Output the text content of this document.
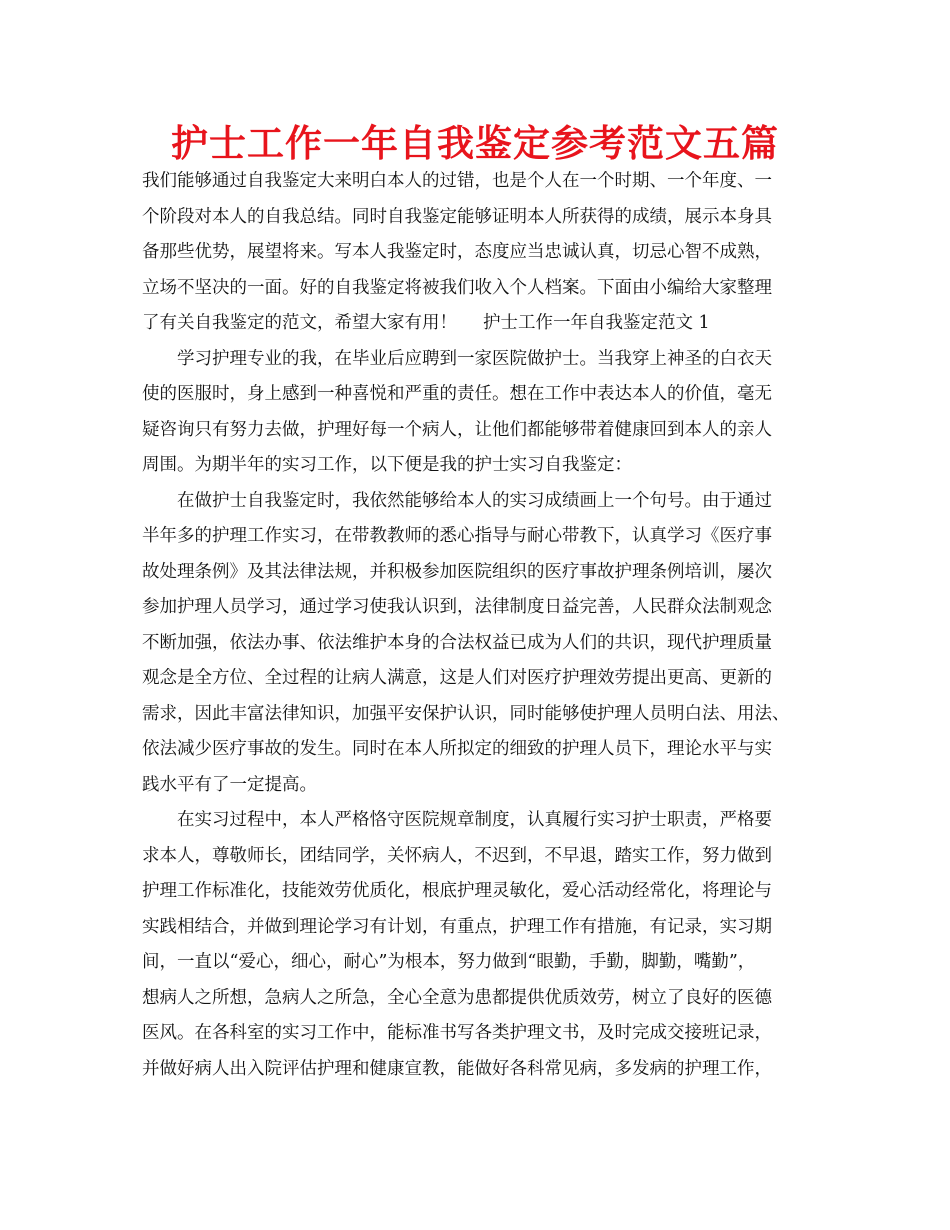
护士工作一年自我鉴定参考范文五篇

我们能够通过自我鉴定大来明白本人的过错，也是个人在一个时期、一个年度、一
个阶段对本人的自我总结。同时自我鉴定能够证明本人所获得的成绩，展示本身具
备那些优势，展望将来。写本人我鉴定时，态度应当忠诚认真，切忌心智不成熟，
立场不坚决的一面。好的自我鉴定将被我们收入个人档案。下面由小编给大家整理
了有关自我鉴定的范文，希望大家有用！ 护士工作一年自我鉴定范文 1

学习护理专业的我，在毕业后应聘到一家医院做护士。当我穿上神圣的白衣天
使的医服时，身上感到一种喜悦和严重的责任。想在工作中表达本人的价值，毫无
疑咨询只有努力去做，护理好每一个病人，让他们都能够带着健康回到本人的亲人
周围。为期半年的实习工作，以下便是我的护士实习自我鉴定：

在做护士自我鉴定时，我依然能够给本人的实习成绩画上一个句号。由于通过
半年多的护理工作实习，在带教教师的悉心指导与耐心带教下，认真学习《医疗事
故处理条例》及其法律法规，并积极参加医院组织的医疗事故护理条例培训，屡次
参加护理人员学习，通过学习使我认识到，法律制度日益完善，人民群众法制观念
不断加强，依法办事、依法维护本身的合法权益已成为人们的共识，现代护理质量
观念是全方位、全过程的让病人满意，这是人们对医疗护理效劳提出更高、更新的
需求，因此丰富法律知识，加强平安保护认识，同时能够使护理人员明白法、用法、
依法减少医疗事故的发生。同时在本人所拟定的细致的护理人员下，理论水平与实
践水平有了一定提高。

在实习过程中，本人严格恪守医院规章制度，认真履行实习护士职责，严格要
求本人，尊敬师长，团结同学，关怀病人，不迟到，不早退，踏实工作，努力做到
护理工作标准化，技能效劳优质化，根底护理灵敏化，爱心活动经常化，将理论与
实践相结合，并做到理论学习有计划，有重点，护理工作有措施，有记录，实习期
间，一直以“爱心，细心，耐心”为根本，努力做到“眼勤，手勤，脚勤，嘴勤”，
想病人之所想，急病人之所急，全心全意为患都提供优质效劳，树立了良好的医德
医风。在各科室的实习工作中，能标准书写各类护理文书，及时完成交接班记录，
并做好病人出入院评估护理和健康宣教，能做好各科常见病，多发病的护理工作，
